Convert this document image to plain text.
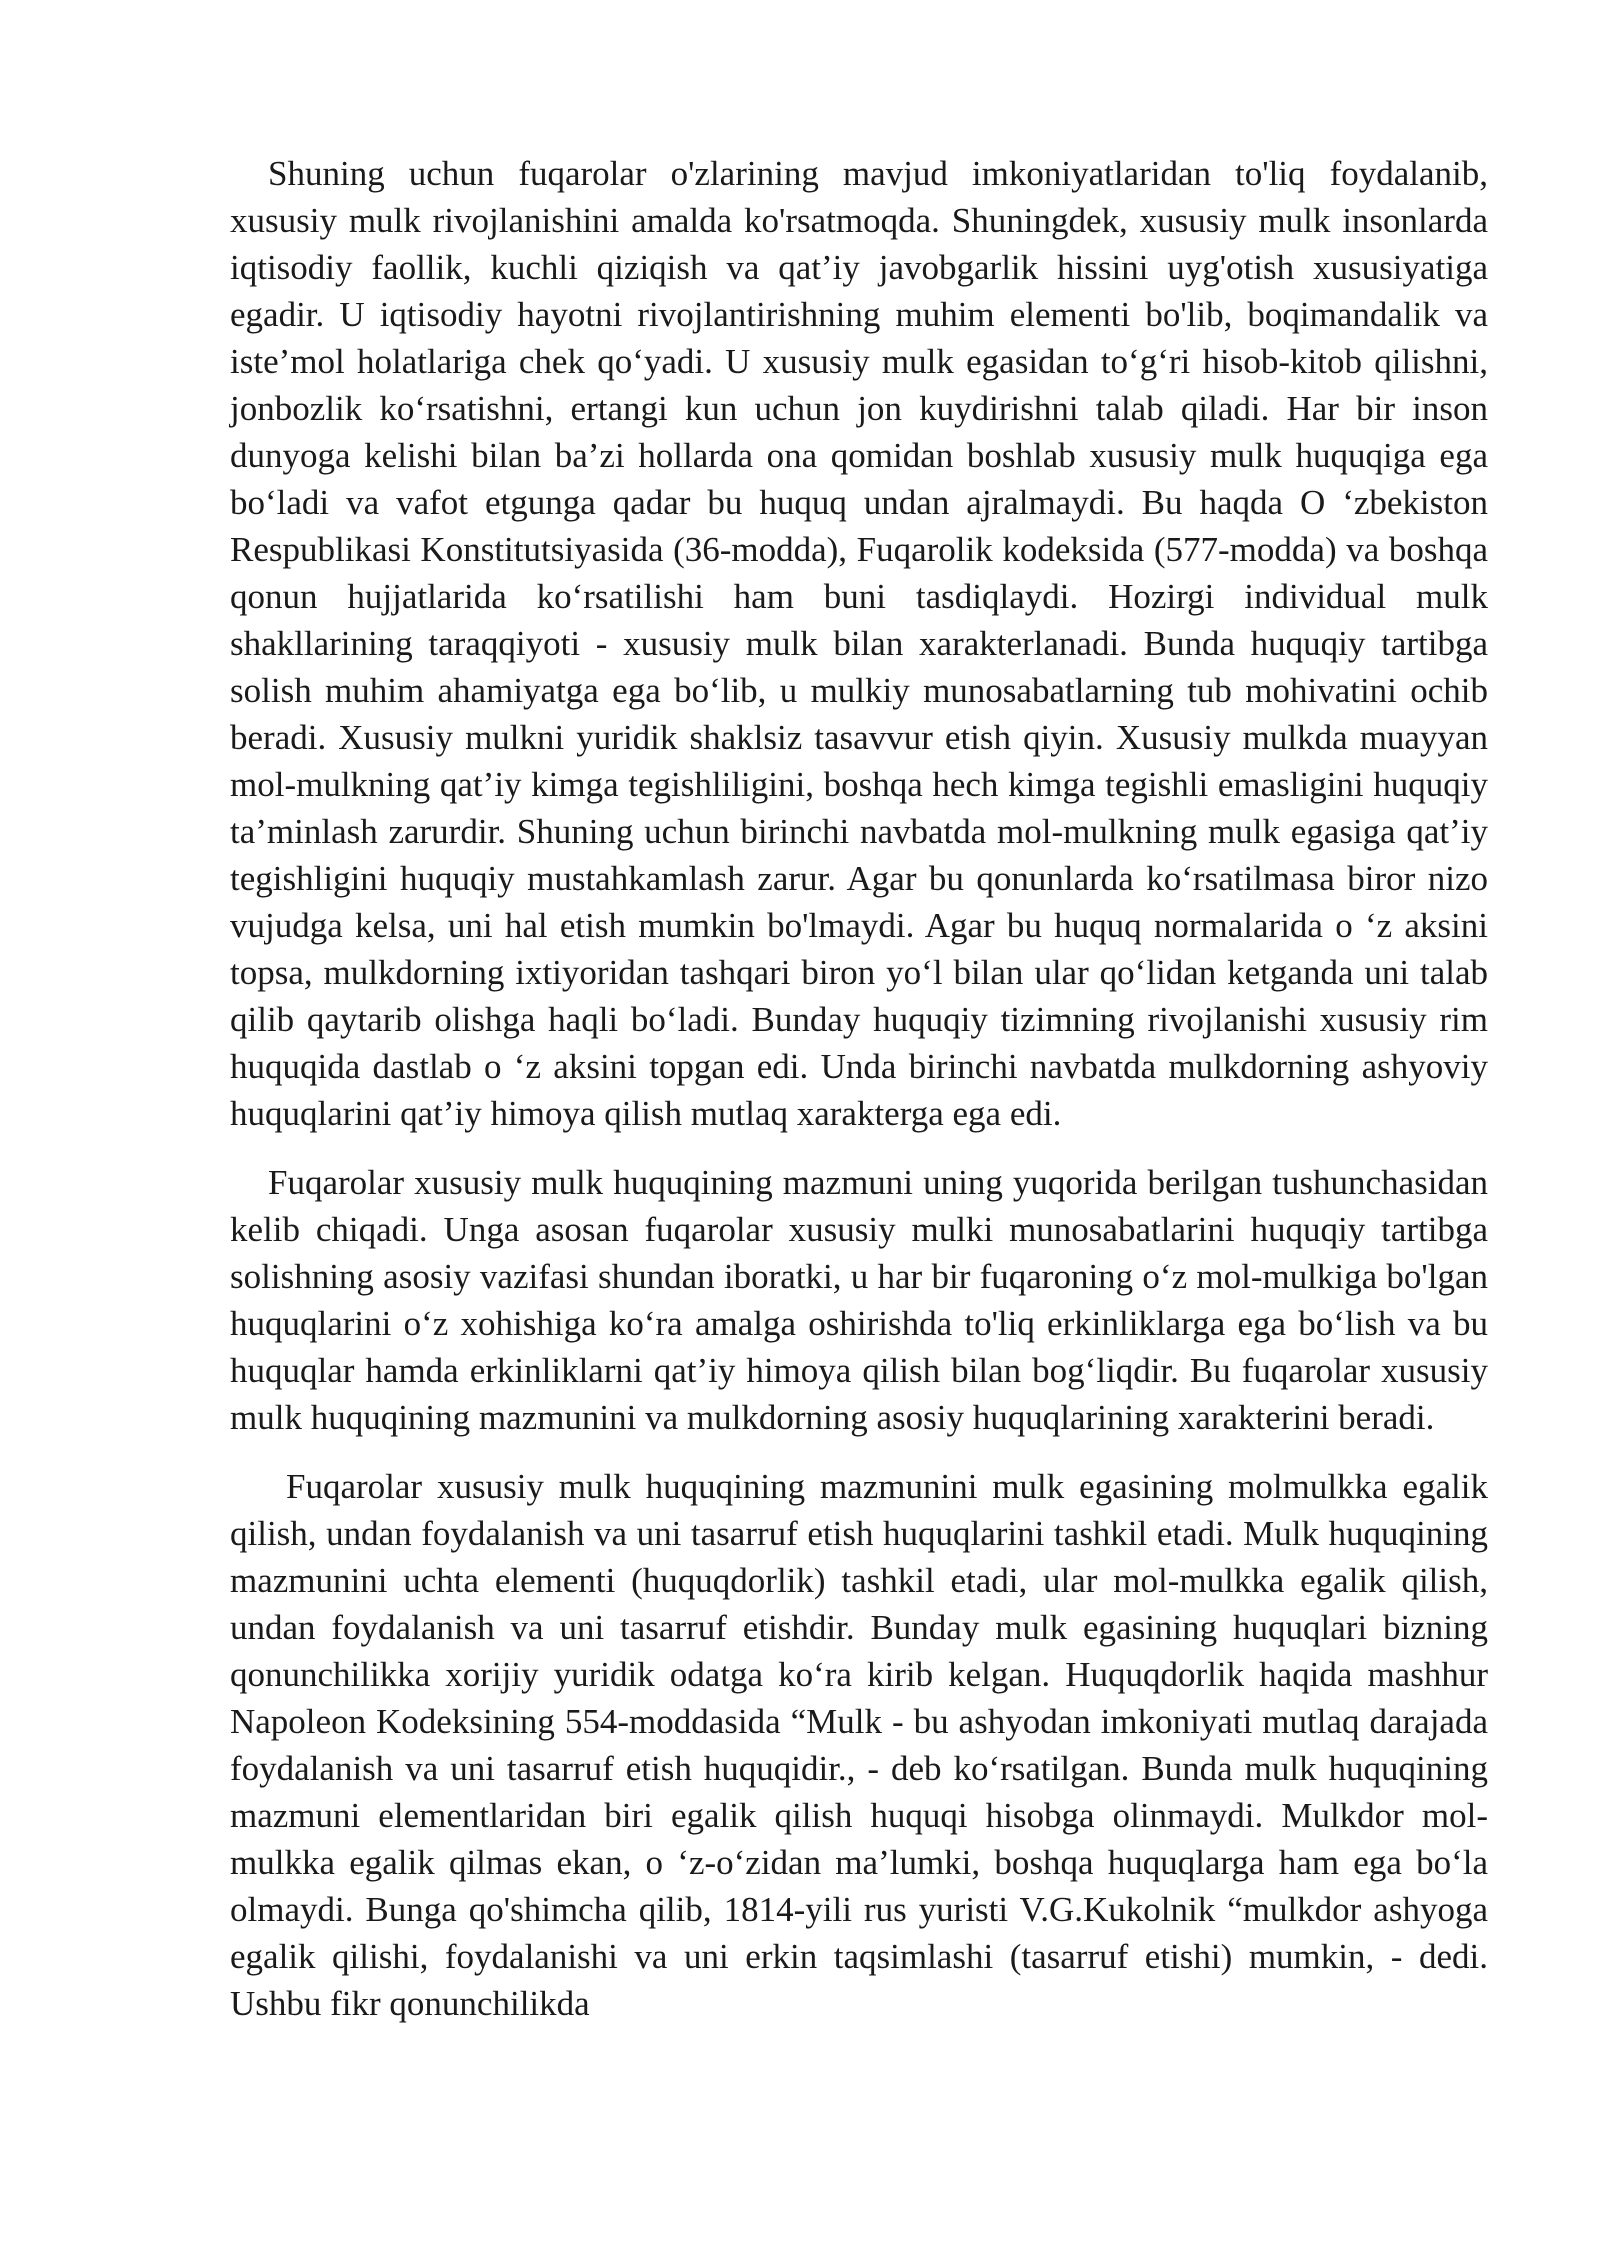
Shuning uchun fuqarolar o'zlarining mavjud imkoniyatlaridan to'liq foydalanib, xususiy mulk rivojlanishini amalda ko'rsatmoqda. Shuningdek, xususiy mulk insonlarda iqtisodiy faollik, kuchli qiziqish va qat’iy javobgarlik hissini uyg'otish xususiyatiga egadir. U iqtisodiy hayotni rivojlantirishning muhim elementi bo'lib, boqimandalik va iste’mol holatlariga chek qo‘yadi. U xususiy mulk egasidan to‘g‘ri hisob-kitob qilishni, jonbozlik ko‘rsatishni, ertangi kun uchun jon kuydirishni talab qiladi. Har bir inson dunyoga kelishi bilan ba’zi hollarda ona qomidan boshlab xususiy mulk huquqiga ega bo‘ladi va vafot etgunga qadar bu huquq undan ajralmaydi. Bu haqda O ‘zbekiston Respublikasi Konstitutsiyasida (36-modda), Fuqarolik kodeksida (577-modda) va boshqa qonun hujjatlarida ko‘rsatilishi ham buni tasdiqlaydi. Hozirgi individual mulk shakllarining taraqqiyoti - xususiy mulk bilan xarakterlanadi. Bunda huquqiy tartibga solish muhim ahamiyatga ega bo‘lib, u mulkiy munosabatlarning tub mohivatini ochib beradi. Xususiy mulkni yuridik shaklsiz tasavvur etish qiyin. Xususiy mulkda muayyan mol-mulkning qat’iy kimga tegishliligini, boshqa hech kimga tegishli emasligini huquqiy ta’minlash zarurdir. Shuning uchun birinchi navbatda mol-mulkning mulk egasiga qat’iy tegishligini huquqiy mustahkamlash zarur. Agar bu qonunlarda ko‘rsatilmasa biror nizo vujudga kelsa, uni hal etish mumkin bo'lmaydi. Agar bu huquq normalarida o ‘z aksini topsa, mulkdorning ixtiyoridan tashqari biron yo‘l bilan ular qo‘lidan ketganda uni talab qilib qaytarib olishga haqli bo‘ladi. Bunday huquqiy tizimning rivojlanishi xususiy rim huquqida dastlab o ‘z aksini topgan edi. Unda birinchi navbatda mulkdorning ashyoviy huquqlarini qat’iy himoya qilish mutlaq xarakterga ega edi.

Fuqarolar xususiy mulk huquqining mazmuni uning yuqorida berilgan tushunchasidan kelib chiqadi. Unga asosan fuqarolar xususiy mulki munosabatlarini huquqiy tartibga solishning asosiy vazifasi shundan iboratki, u har bir fuqaroning o‘z mol-mulkiga bo'lgan huquqlarini o‘z xohishiga ko‘ra amalga oshirishda to'liq erkinliklarga ega bo‘lish va bu huquqlar hamda erkinliklarni qat’iy himoya qilish bilan bog‘liqdir. Bu fuqarolar xususiy mulk huquqining mazmunini va mulkdorning asosiy huquqlarining xarakterini beradi.

Fuqarolar xususiy mulk huquqining mazmunini mulk egasining molmulkka egalik qilish, undan foydalanish va uni tasarruf etish huquqlarini tashkil etadi. Mulk huquqining mazmunini uchta elementi (huquqdorlik) tashkil etadi, ular mol-mulkka egalik qilish, undan foydalanish va uni tasarruf etishdir. Bunday mulk egasining huquqlari bizning qonunchilikka xorijiy yuridik odatga ko‘ra kirib kelgan. Huquqdorlik haqida mashhur Napoleon Kodeksining 554-moddasida “Mulk - bu ashyodan imkoniyati mutlaq darajada foydalanish va uni tasarruf etish huquqidir., - deb ko‘rsatilgan. Bunda mulk huquqining mazmuni elementlaridan biri egalik qilish huquqi hisobga olinmaydi. Mulkdor mol-mulkka egalik qilmas ekan, o ‘z-o‘zidan ma’lumki, boshqa huquqlarga ham ega bo‘la olmaydi. Bunga qo'shimcha qilib, 1814-yili rus yuristi V.G.Kukolnik “mulkdor ashyoga egalik qilishi, foydalanishi va uni erkin taqsimlashi (tasarruf etishi) mumkin, - dedi. Ushbu fikr qonunchilikda
